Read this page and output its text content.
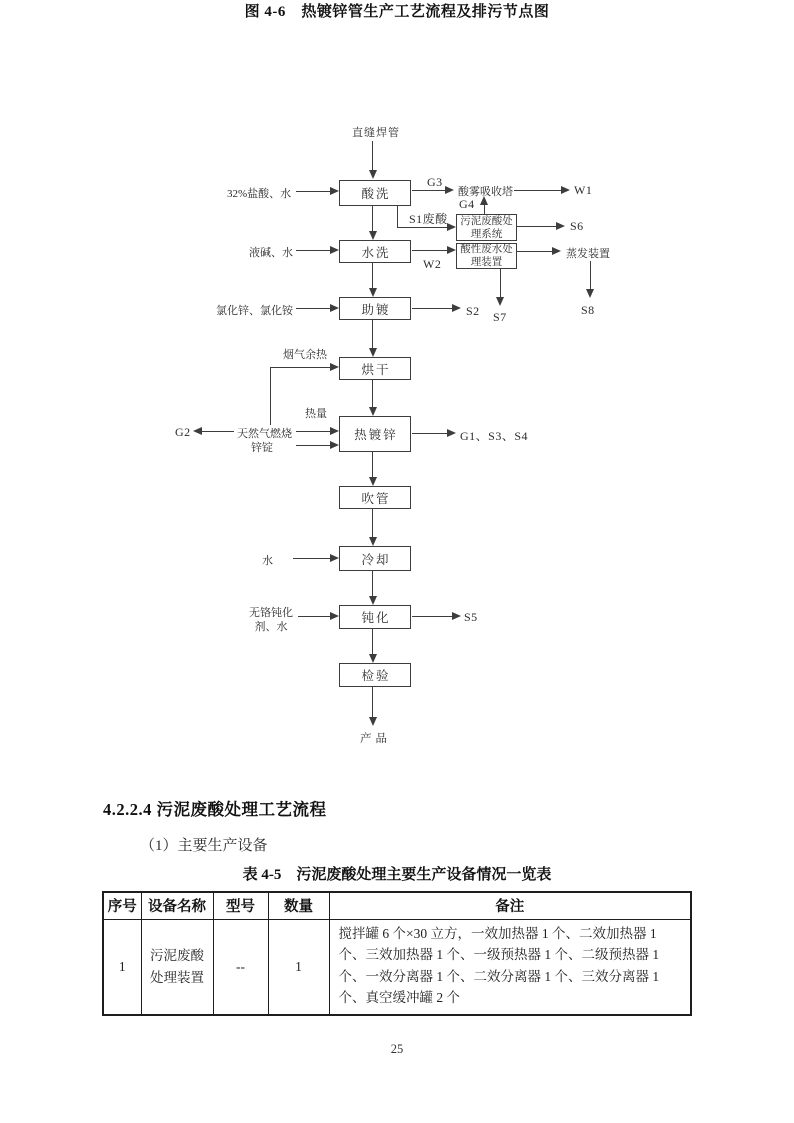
直缝焊管
酸洗
水洗
助镀
烘干
热镀锌
吹管
冷却
钝化
检验
污泥废酸处理系统
酸性废水处理装置
32%盐酸、水
液碱、水
氯化锌、氯化铵
烟气余热
热量
G2	天然气燃烧
锌锭
水
无铬钝化剂、水
G3
酸雾吸收塔	W1
S1废酸
G4
S6
W2
蒸发装置
S7	S8
S2
G1、S3、S4
S5
产品
图 4-6　热镀锌管生产工艺流程及排污节点图
4.2.2.4 污泥废酸处理工艺流程
（1）主要生产设备
表 4-5　污泥废酸处理主要生产设备情况一览表
序号	设备名称	型号	数量	备注
1	污泥废酸处理装置	--	1	搅拌罐 6 个×30 立方，一效加热器 1 个、二效加热器 1 个、三效加热器 1 个、一级预热器 1 个、二级预热器 1 个、一效分离器 1 个、二效分离器 1 个、三效分离器 1 个、真空缓冲罐 2 个
25
